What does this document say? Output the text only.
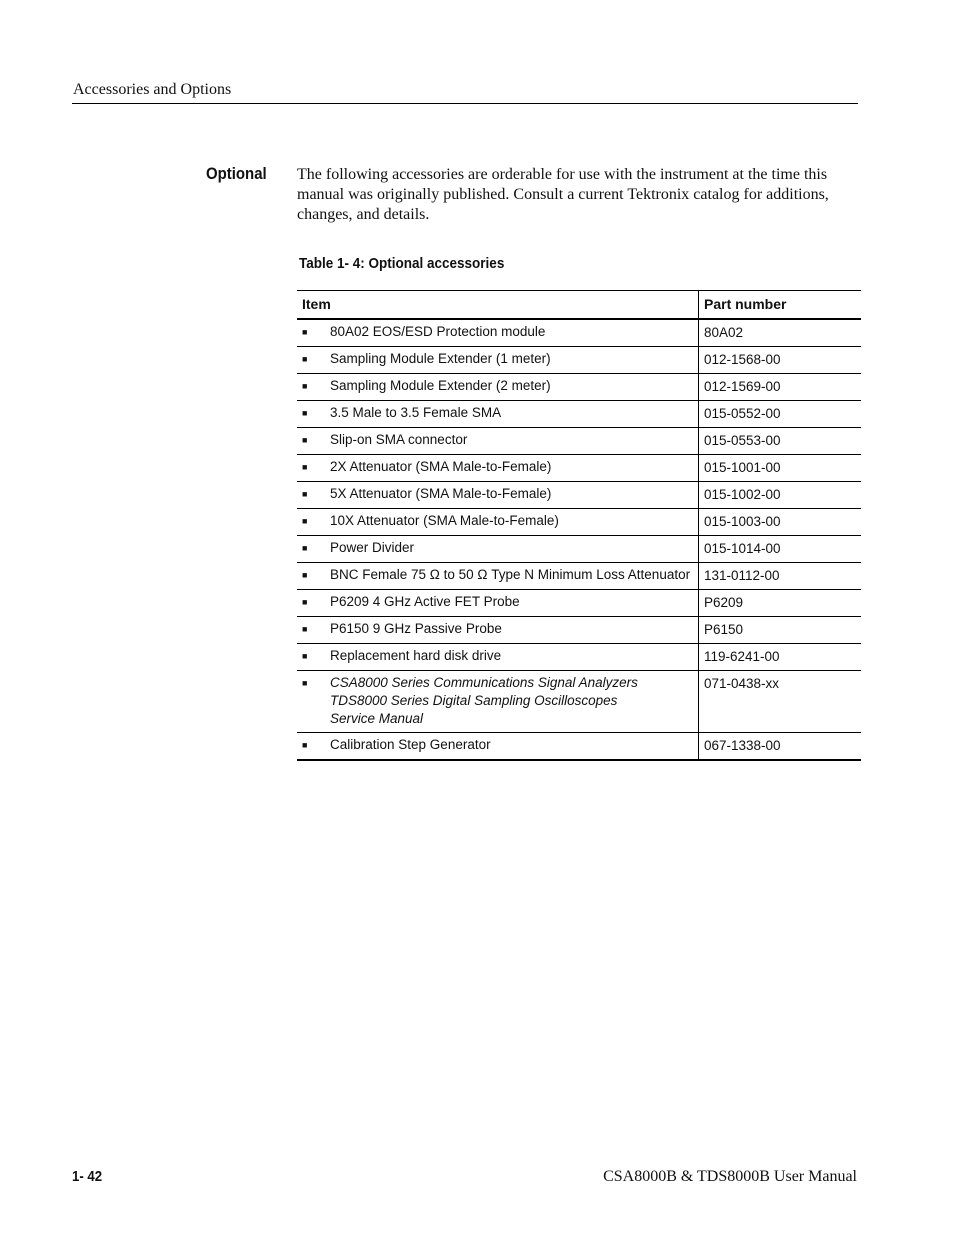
Accessories and Options
Optional The following accessories are orderable for use with the instrument at the time this manual was originally published. Consult a current Tektronix catalog for additions, changes, and details.

Table 1- 4: Optional accessories
Item	Part number

■ 80A02 EOS/ESD Protection module	80A02

■ Sampling Module Extender (1 meter)	012-1568-00

■ Sampling Module Extender (2 meter)	012-1569-00

■ 3.5 Male to 3.5 Female SMA	015-0552-00

■ Slip-on SMA connector	015-0553-00

■ 2X Attenuator (SMA Male-to-Female)	015-1001-00

■ 5X Attenuator (SMA Male-to-Female)	015-1002-00

■ 10X Attenuator (SMA Male-to-Female)	015-1003-00

■ Power Divider	015-1014-00

■ BNC Female 75 Ω to 50 Ω Type N Minimum Loss Attenuator	131-0112-00

■ P6209 4 GHz Active FET Probe	P6209

■ P6150 9 GHz Passive Probe	P6150

■ Replacement hard disk drive	119-6241-00

■ CSA8000 Series Communications Signal Analyzers
TDS8000 Series Digital Sampling Oscilloscopes
Service Manual	071-0438-xx

■ Calibration Step Generator	067-1338-00
1- 42	CSA8000B & TDS8000B User Manual
